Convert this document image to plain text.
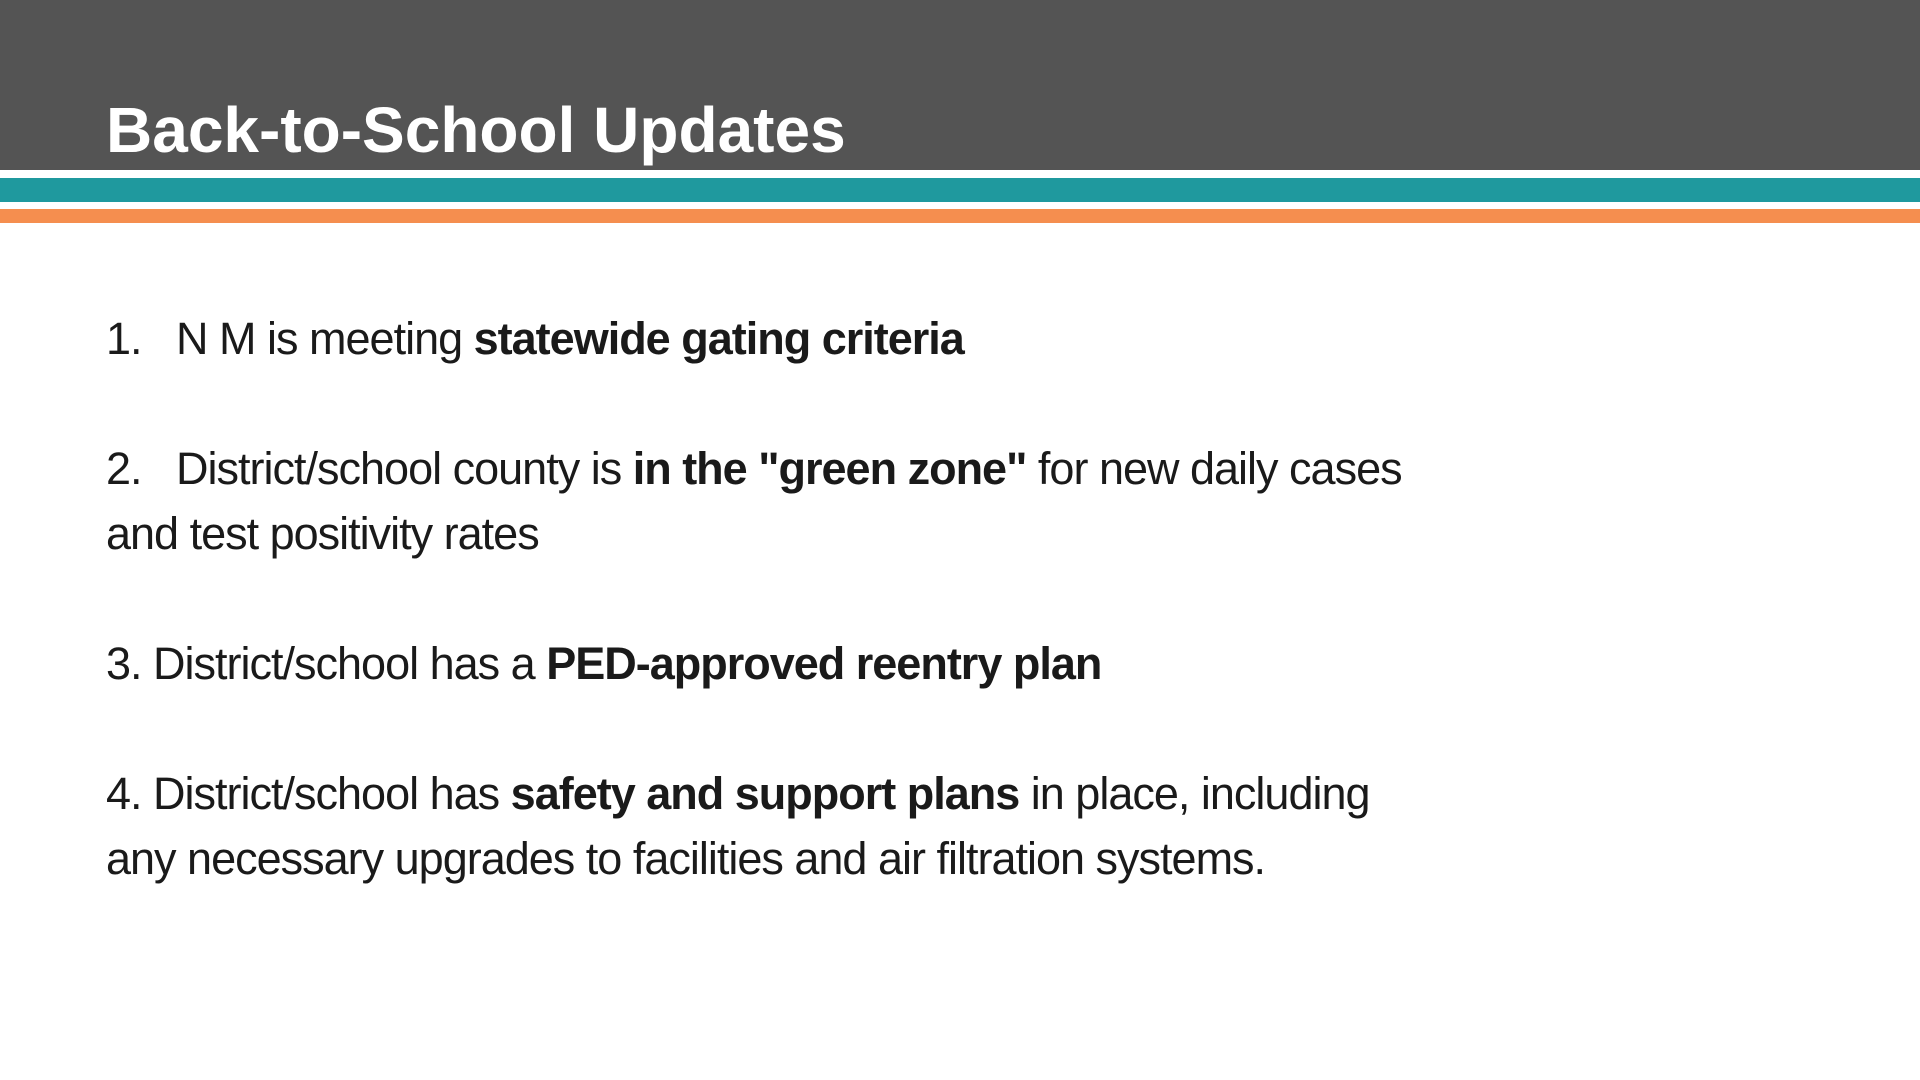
Back-to-School Updates

1. N M is meeting statewide gating criteria

2. District/school county is in the "green zone" for new daily cases   and test positivity rates

3. District/school has a PED-approved reentry plan

4. District/school has safety and support plans in place, including any necessary upgrades to facilities and air filtration systems.
